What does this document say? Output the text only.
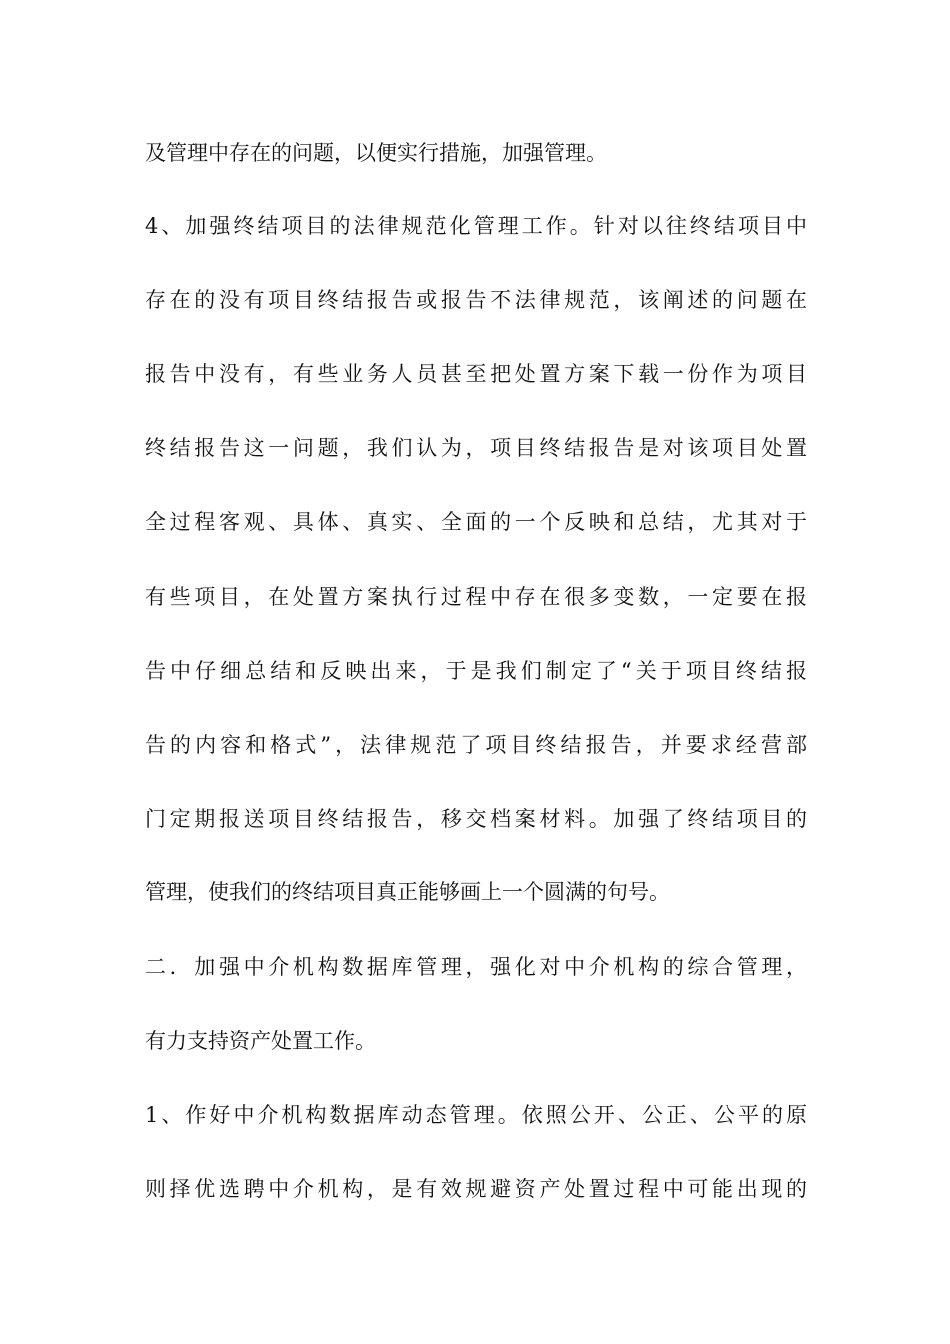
及管理中存在的问题，以便实行措施，加强管理。
4、加强终结项目的法律规范化管理工作。针对以往终结项目中
存在的没有项目终结报告或报告不法律规范，该阐述的问题在
报告中没有，有些业务人员甚至把处置方案下载一份作为项目
终结报告这一问题，我们认为，项目终结报告是对该项目处置
全过程客观、具体、真实、全面的一个反映和总结，尤其对于
有些项目，在处置方案执行过程中存在很多变数，一定要在报
告中仔细总结和反映出来，于是我们制定了“关于项目终结报
告的内容和格式”，法律规范了项目终结报告，并要求经营部
门定期报送项目终结报告，移交档案材料。加强了终结项目的
管理，使我们的终结项目真正能够画上一个圆满的句号。
二．加强中介机构数据库管理，强化对中介机构的综合管理，
有力支持资产处置工作。
1、作好中介机构数据库动态管理。依照公开、公正、公平的原
则择优选聘中介机构，是有效规避资产处置过程中可能出现的
